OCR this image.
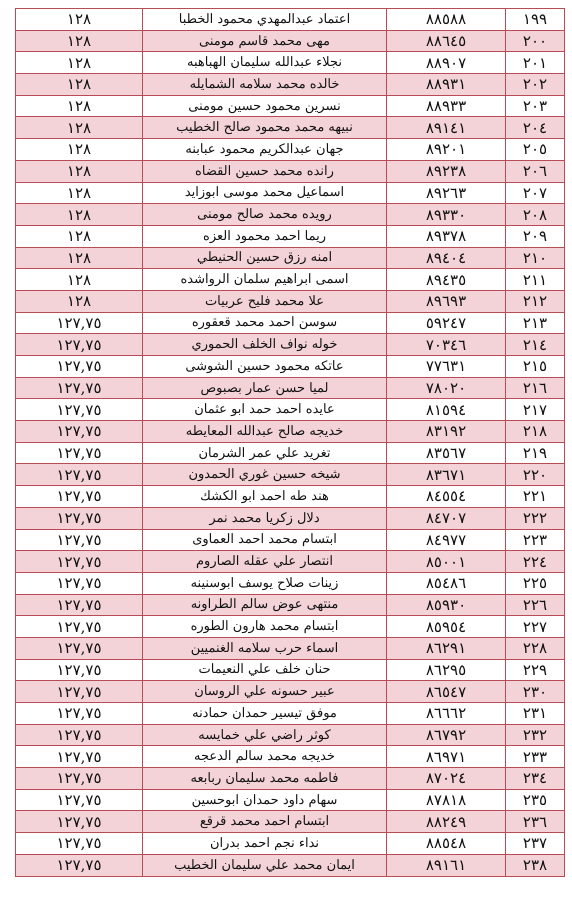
١٩٩	٨٨٥٨٨	اعتماد عبدالمهدي محمود الخطبا	١٢٨
٢٠٠	٨٨٦٤٥	مهى محمد قاسم مومنى	١٢٨
٢٠١	٨٨٩٠٧	نجلاء عبدالله سليمان الهباهبه	١٢٨
٢٠٢	٨٨٩٣١	خالده محمد سلامه الشمايله	١٢٨
٢٠٣	٨٨٩٣٣	نسرين محمود حسين مومنى	١٢٨
٢٠٤	٨٩١٤١	نبيهه محمد محمود صالح الخطيب	١٢٨
٢٠٥	٨٩٢٠١	جهان عبدالكريم محمود عبابنه	١٢٨
٢٠٦	٨٩٢٣٨	رانده محمد حسين القضاه	١٢٨
٢٠٧	٨٩٢٦٣	اسماعيل محمد موسى ابوزايد	١٢٨
٢٠٨	٨٩٣٣٠	رويده محمد صالح مومنى	١٢٨
٢٠٩	٨٩٣٧٨	ريما احمد محمود العزه	١٢٨
٢١٠	٨٩٤٠٤	امنه رزق حسين الحنيطي	١٢٨
٢١١	٨٩٤٣٥	اسمى ابراهيم سلمان الرواشده	١٢٨
٢١٢	٨٩٦٩٣	علا محمد فليح عربيات	١٢٨
٢١٣	٥٩٢٤٧	سوسن احمد محمد قعقوره	١٢٧,٧٥
٢١٤	٧٠٣٤٦	خوله نواف الخلف الحموري	١٢٧,٧٥
٢١٥	٧٧٦٣١	عاتكه محمود حسين الشوشى	١٢٧,٧٥
٢١٦	٧٨٠٢٠	لميا حسن عمار بصبوص	١٢٧,٧٥
٢١٧	٨١٥٩٤	عايده احمد حمد ابو عثمان	١٢٧,٧٥
٢١٨	٨٣١٩٢	خديجه صالح عبدالله المعايطه	١٢٧,٧٥
٢١٩	٨٣٥٦٧	تغريد علي عمر الشرمان	١٢٧,٧٥
٢٢٠	٨٣٦٧١	شيخه حسين غوري الحمدون	١٢٧,٧٥
٢٢١	٨٤٥٥٤	هند طه احمد ابو الكشك	١٢٧,٧٥
٢٢٢	٨٤٧٠٧	دلال زكريا محمد نمر	١٢٧,٧٥
٢٢٣	٨٤٩٧٧	ابتسام محمد احمد العماوى	١٢٧,٧٥
٢٢٤	٨٥٠٠١	انتصار علي عقله الصاروم	١٢٧,٧٥
٢٢٥	٨٥٤٨٦	زينات صلاح يوسف ابوسنينه	١٢٧,٧٥
٢٢٦	٨٥٩٣٠	منتهى عوض سالم الطراونه	١٢٧,٧٥
٢٢٧	٨٥٩٥٤	ابتسام محمد هارون الطوره	١٢٧,٧٥
٢٢٨	٨٦٢٩١	اسماء حرب سلامه الغنميين	١٢٧,٧٥
٢٢٩	٨٦٢٩٥	حنان خلف علي النعيمات	١٢٧,٧٥
٢٣٠	٨٦٥٤٧	عبير حسونه علي الروسان	١٢٧,٧٥
٢٣١	٨٦٦٦٢	موفق تيسير حمدان حمادنه	١٢٧,٧٥
٢٣٢	٨٦٧٩٢	كوثر راضي علي خمايسه	١٢٧,٧٥
٢٣٣	٨٦٩٧١	خديجه محمد سالم الدعجه	١٢٧,٧٥
٢٣٤	٨٧٠٢٤	فاطمه محمد سليمان ربابعه	١٢٧,٧٥
٢٣٥	٨٧٨١٨	سهام داود حمدان ابوحسين	١٢٧,٧٥
٢٣٦	٨٨٢٤٩	ابتسام احمد محمد قرقع	١٢٧,٧٥
٢٣٧	٨٨٥٤٨	نداء نجم احمد بدران	١٢٧,٧٥
٢٣٨	٨٩١٦١	ايمان محمد علي سليمان الخطيب	١٢٧,٧٥
